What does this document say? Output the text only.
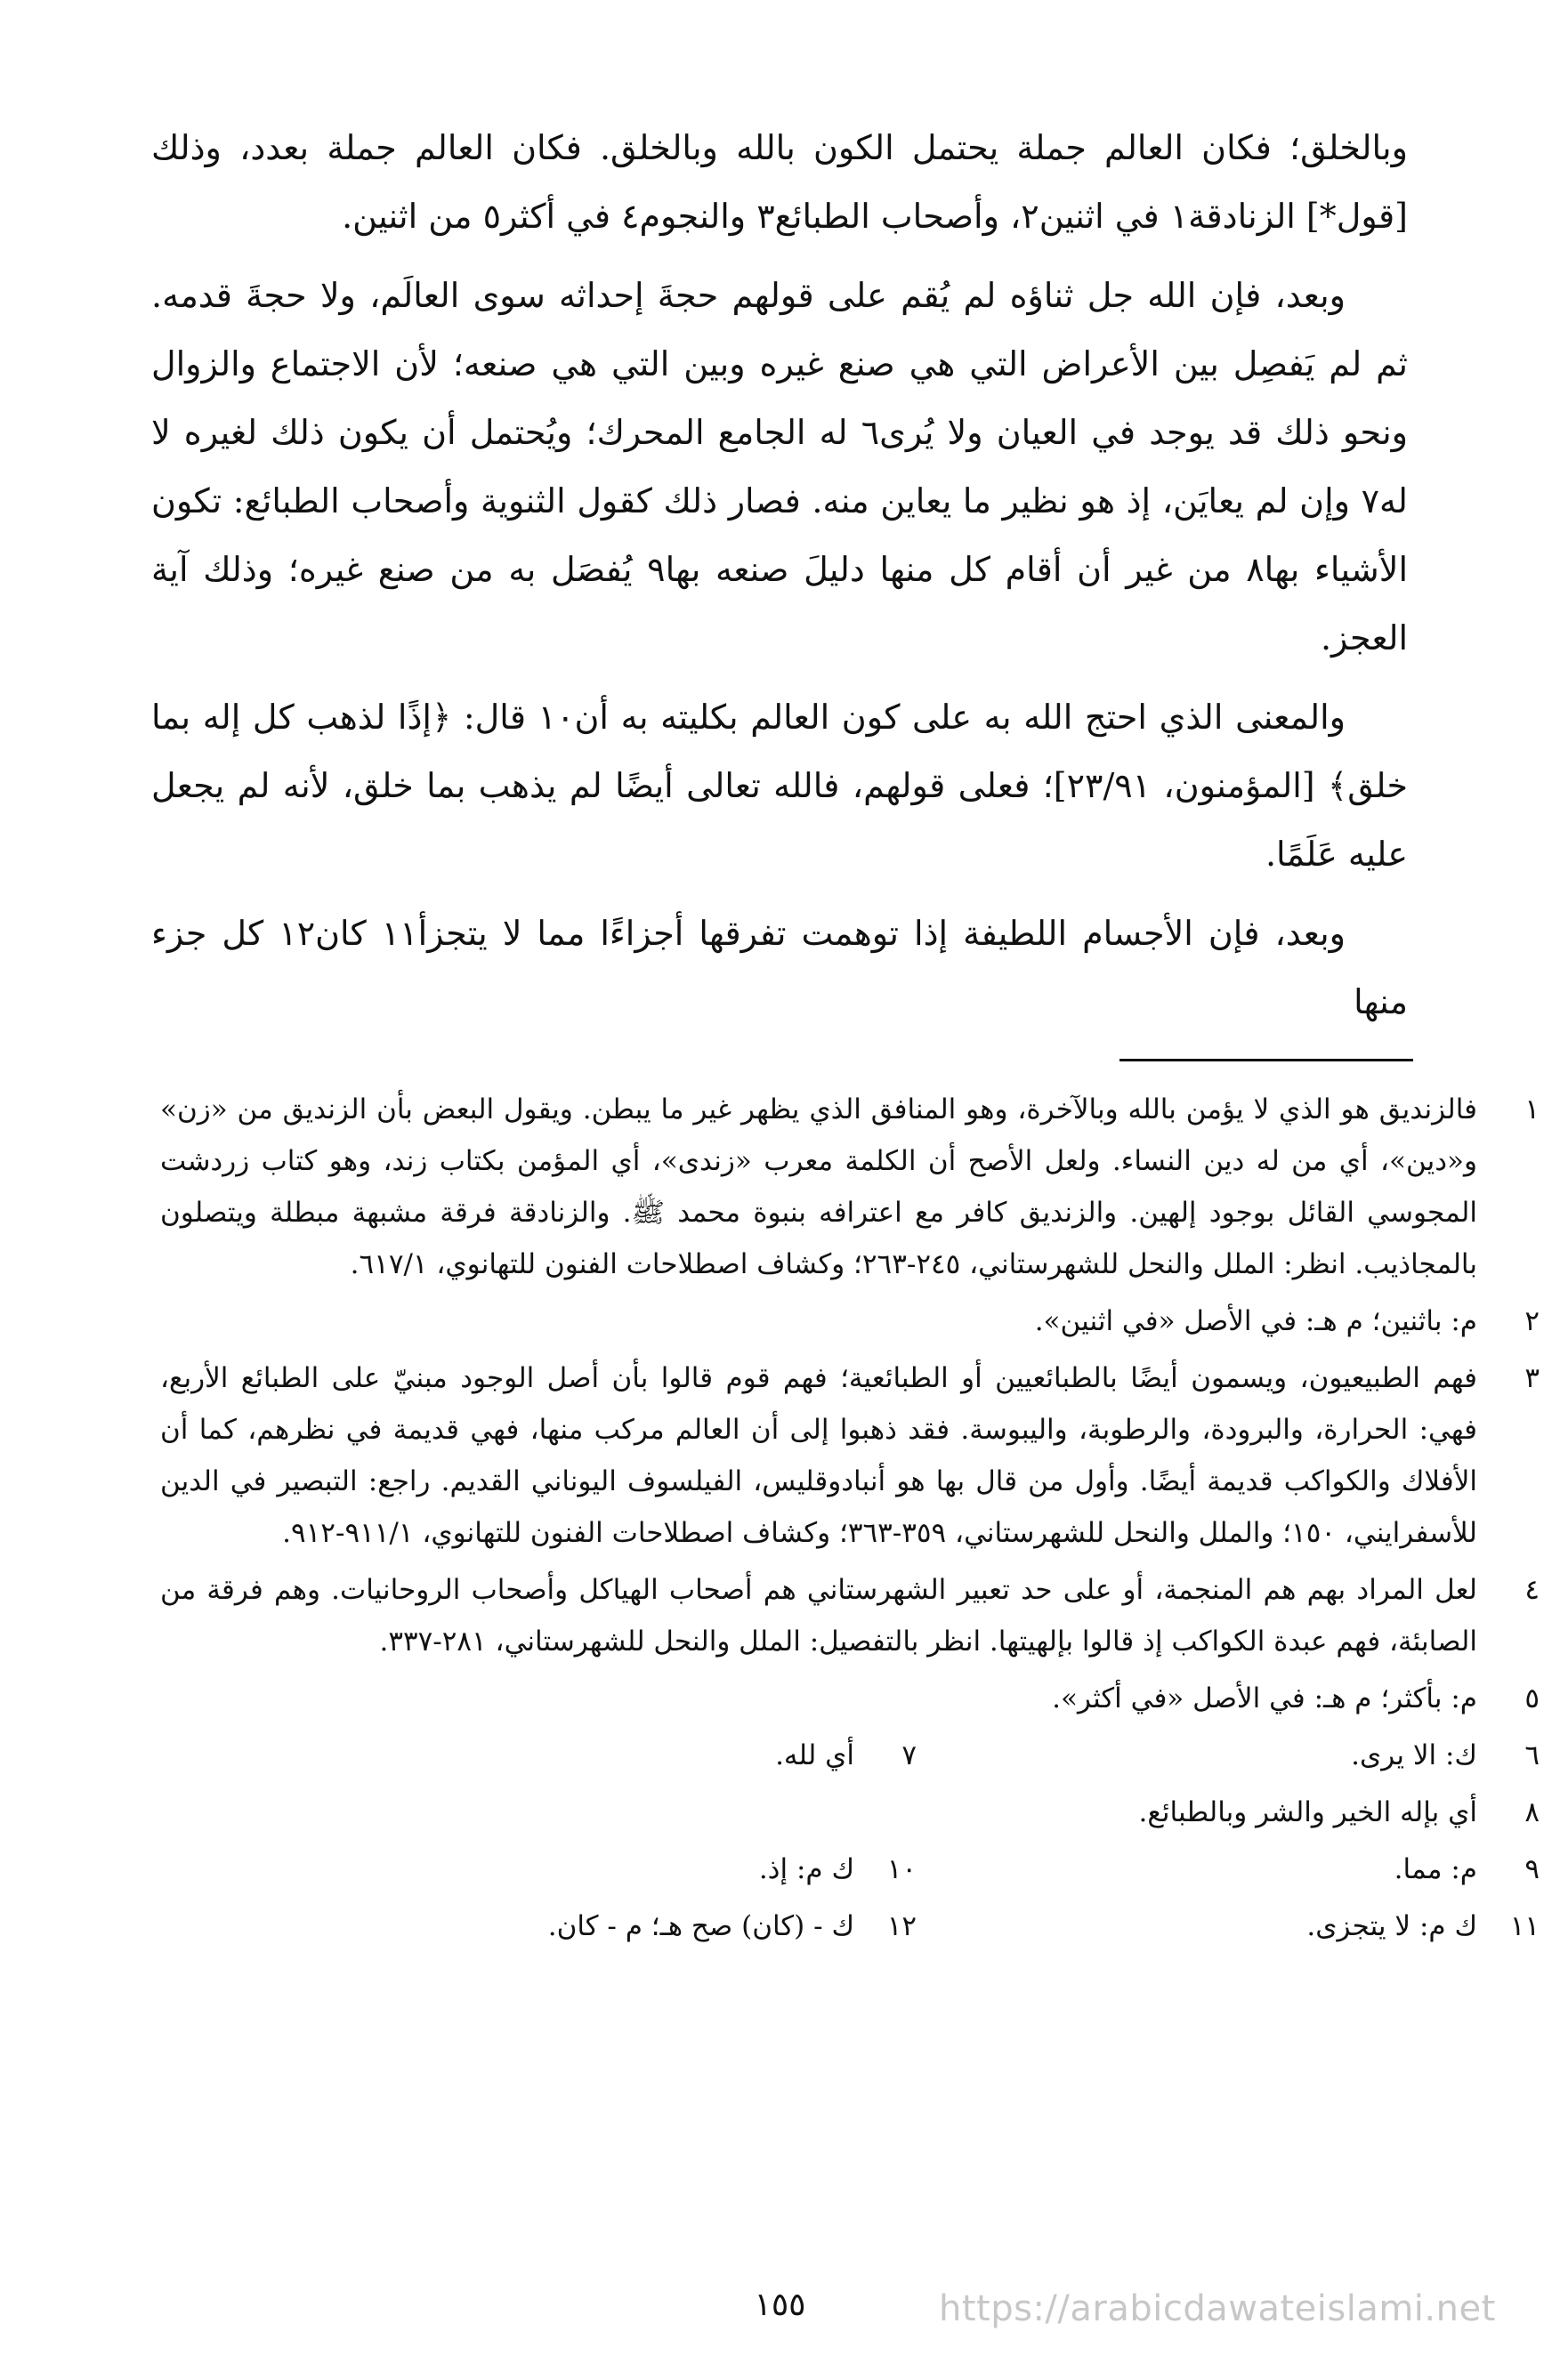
وبالخلق؛ فكان العالم جملة يحتمل الكون بالله وبالخلق. فكان العالم جملة بعدد، وذلك [قول*] الزنادقة١ في اثنين٢، وأصحاب الطبائع٣ والنجوم٤ في أكثر٥ من اثنين.

وبعد، فإن الله جل ثناؤه لم يُقم على قولهم حجةَ إحداثه سوى العالَم، ولا حجةَ قدمه. ثم لم يَفصِل بين الأعراض التي هي صنع غيره وبين التي هي صنعه؛ لأن الاجتماع والزوال ونحو ذلك قد يوجد في العيان ولا يُرى٦ له الجامع المحرك؛ ويُحتمل أن يكون ذلك لغيره لا له٧ وإن لم يعايَن، إذ هو نظير ما يعاين منه. فصار ذلك كقول الثنوية وأصحاب الطبائع: تكون الأشياء بها٨ من غير أن أقام كل منها دليلَ صنعه بها٩ يُفصَل به من صنع غيره؛ وذلك آية العجز.

والمعنى الذي احتج الله به على كون العالم بكليته به أن١٠ قال: ﴿إذًا لذهب كل إله بما خلق﴾ [المؤمنون، ٢٣/٩١]؛ فعلى قولهم، فالله تعالى أيضًا لم يذهب بما خلق، لأنه لم يجعل عليه عَلَمًا.

وبعد، فإن الأجسام اللطيفة إذا توهمت تفرقها أجزاءًا مما لا يتجزأ١١ كان١٢ كل جزء منها

١
فالزنديق هو الذي لا يؤمن بالله وبالآخرة، وهو المنافق الذي يظهر غير ما يبطن. ويقول البعض بأن الزنديق من «زن» و«دين»، أي من له دين النساء. ولعل الأصح أن الكلمة معرب «زندى»، أي المؤمن بكتاب زند، وهو كتاب زردشت المجوسي القائل بوجود إلهين. والزنديق كافر مع اعترافه بنبوة محمد ﷺ. والزنادقة فرقة مشبهة مبطلة ويتصلون بالمجاذيب. انظر: الملل والنحل للشهرستاني، ٢٤٥-٢٦٣؛ وكشاف اصطلاحات الفنون للتهانوي، ٦١٧/١.
٢
م: باثنين؛ م هـ: في الأصل «في اثنين».
٣
فهم الطبيعيون، ويسمون أيضًا بالطبائعيين أو الطبائعية؛ فهم قوم قالوا بأن أصل الوجود مبنيّ على الطبائع الأربع، فهي: الحرارة، والبرودة، والرطوبة، واليبوسة. فقد ذهبوا إلى أن العالم مركب منها، فهي قديمة في نظرهم، كما أن الأفلاك والكواكب قديمة أيضًا. وأول من قال بها هو أنبادوقليس، الفيلسوف اليوناني القديم. راجع: التبصير في الدين للأسفرايني، ١٥٠؛ والملل والنحل للشهرستاني، ٣٥٩-٣٦٣؛ وكشاف اصطلاحات الفنون للتهانوي، ٩١١/١-٩١٢.
٤
لعل المراد بهم هم المنجمة، أو على حد تعبير الشهرستاني هم أصحاب الهياكل وأصحاب الروحانيات. وهم فرقة من الصابئة، فهم عبدة الكواكب إذ قالوا بإلهيتها. انظر بالتفصيل: الملل والنحل للشهرستاني، ٢٨١-٣٣٧.
٥
م: بأكثر؛ م هـ: في الأصل «في أكثر».
٦
ك: الا يرى.
٧
أي لله.
٨
أي بإله الخير والشر وبالطبائع.
٩
م: مما.
١٠
ك م: إذ.
١١
ك م: لا يتجزى.
١٢
ك - (كان) صح هـ؛ م - كان.
١٥٥	https://arabicdawateislami.net
